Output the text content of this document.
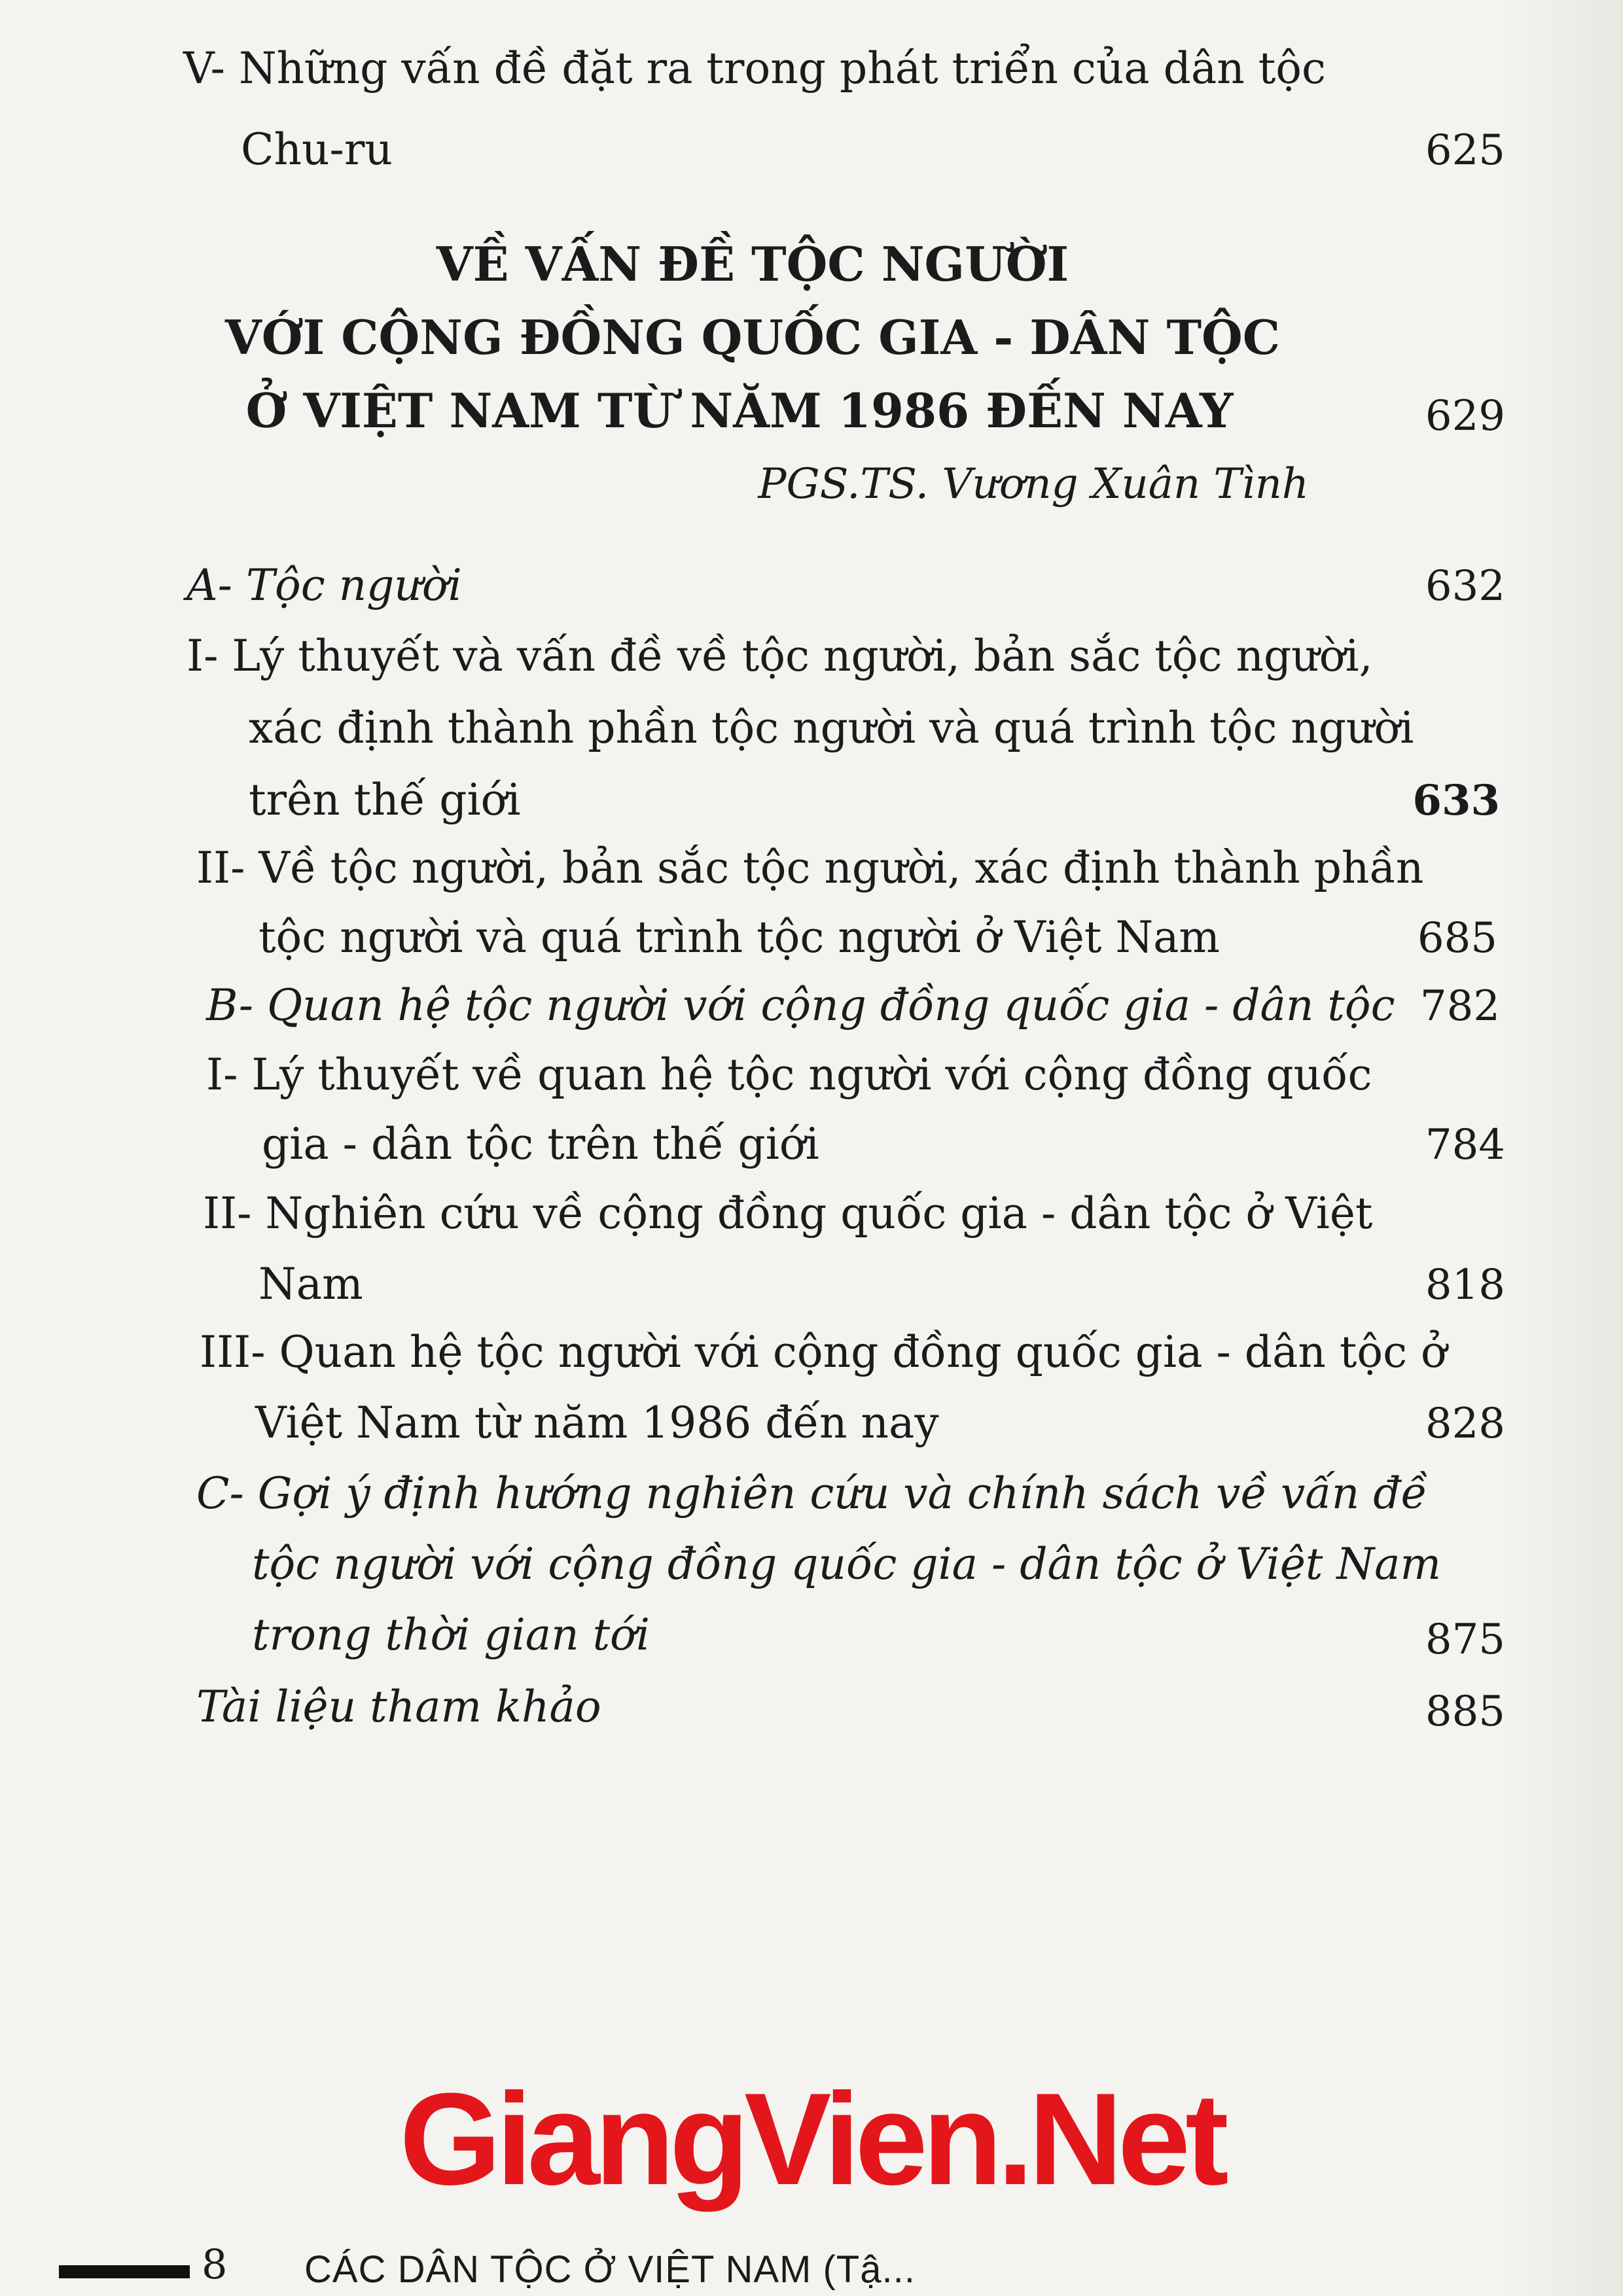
V- Những vấn đề đặt ra trong phát triển của dân tộc
Chu-ru	625
VỀ VẤN ĐỀ TỘC NGƯỜI
VỚI CỘNG ĐỒNG QUỐC GIA - DÂN TỘC
Ở VIỆT NAM TỪ NĂM 1986 ĐẾN NAY	629
PGS.TS. Vương Xuân Tình
A- Tộc người	632
I- Lý thuyết và vấn đề về tộc người, bản sắc tộc người,
xác định thành phần tộc người và quá trình tộc người
trên thế giới	633
II- Về tộc người, bản sắc tộc người, xác định thành phần
tộc người và quá trình tộc người ở Việt Nam	685
B- Quan hệ tộc người với cộng đồng quốc gia - dân tộc 782
I- Lý thuyết về quan hệ tộc người với cộng đồng quốc
gia - dân tộc trên thế giới	784
II- Nghiên cứu về cộng đồng quốc gia - dân tộc ở Việt
Nam	818
III- Quan hệ tộc người với cộng đồng quốc gia - dân tộc ở
Việt Nam từ năm 1986 đến nay	828
C- Gợi ý định hướng nghiên cứu và chính sách về vấn đề
tộc người với cộng đồng quốc gia - dân tộc ở Việt Nam
trong thời gian tới	875
Tài liệu tham khảo	885
GiangVien.Net
8 CÁC DÂN TỘC Ở VIỆT NAM (Tậ...
